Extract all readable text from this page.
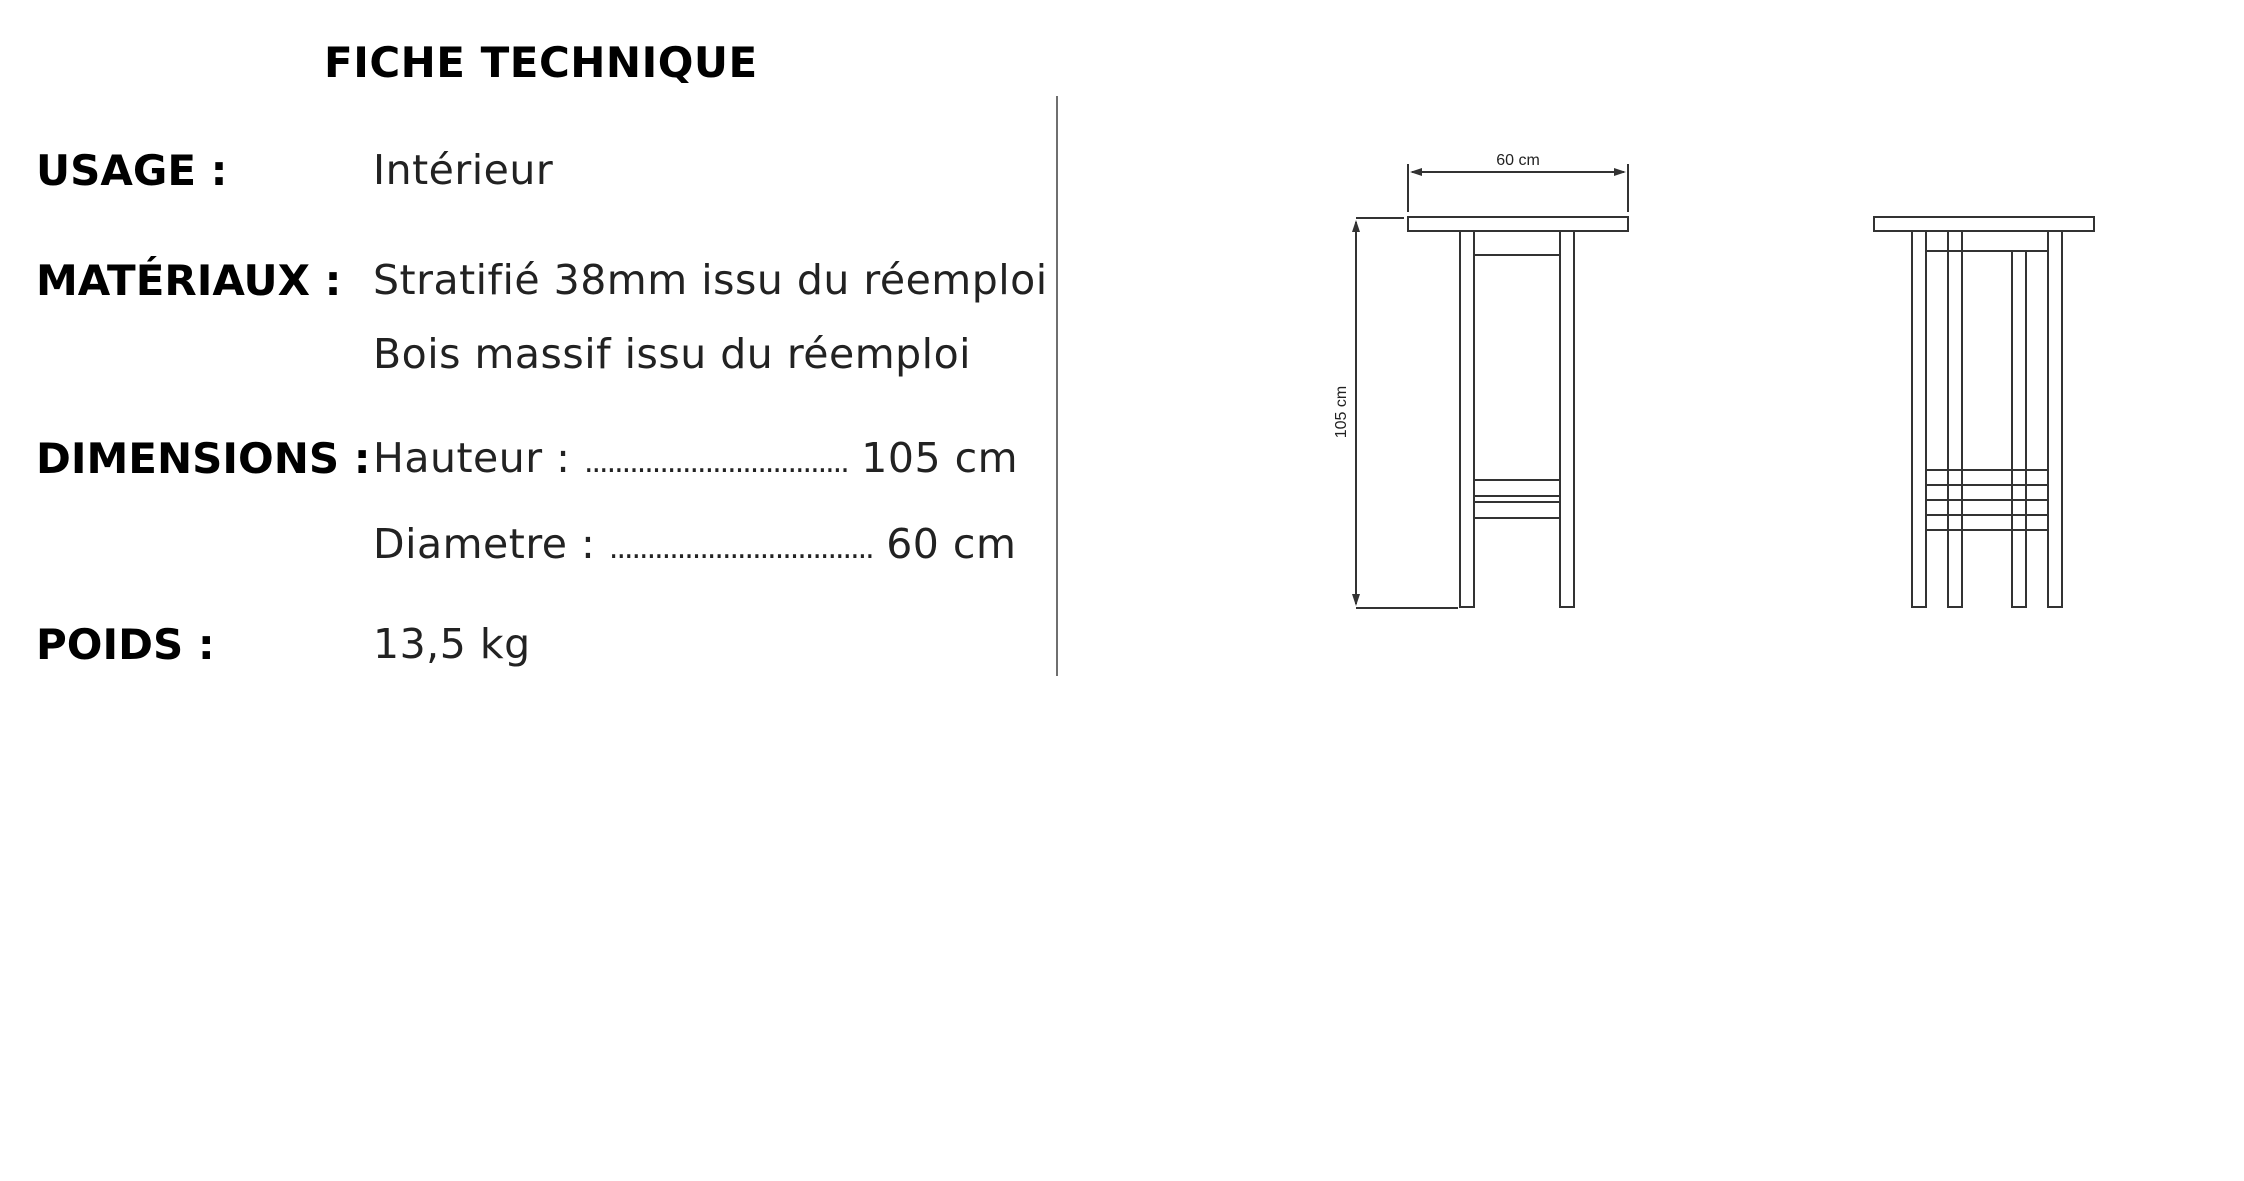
FICHE TECHNIQUE
USAGE :	Intérieur
MATÉRIAUX : Stratifié 38mm issu du réemploi
Bois massif issu du réemploi
DIMENSIONS : Hauteur : ................................... 105 cm
Diametre : ................................... 60 cm
POIDS :	13,5 kg
60 cm
105 cm
